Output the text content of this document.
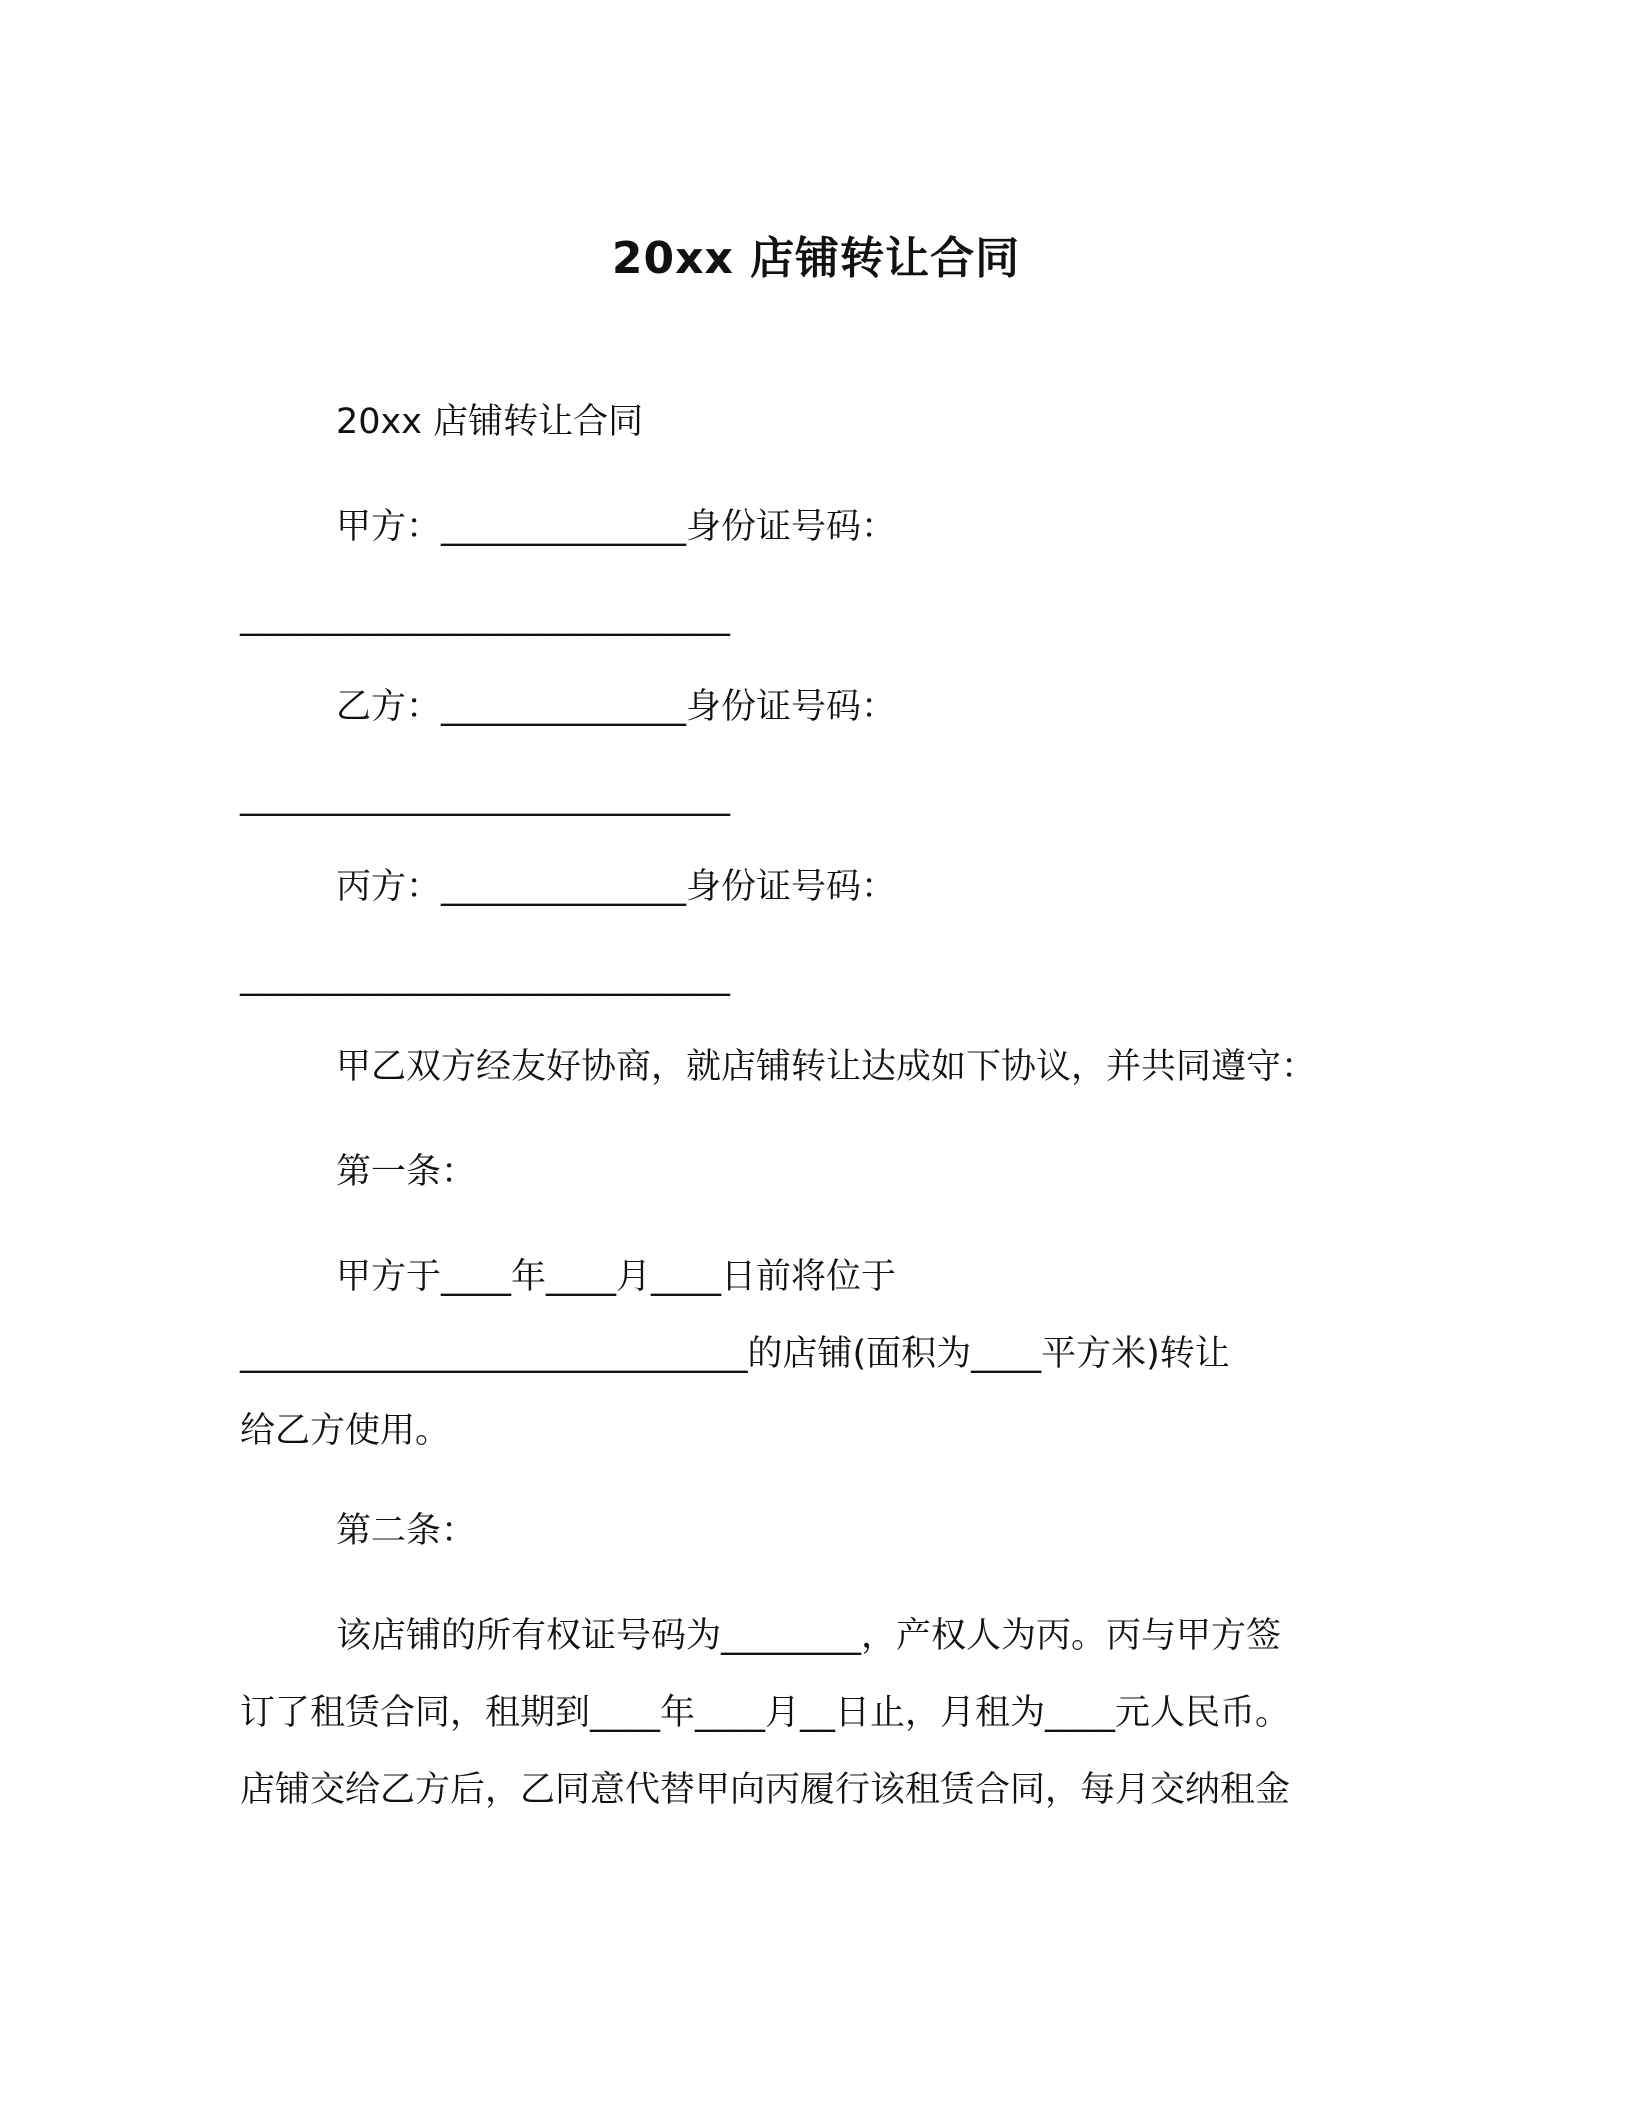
20xx 店铺转让合同
20xx 店铺转让合同
甲方：______________身份证号码：
____________________________
乙方：______________身份证号码：
____________________________
丙方：______________身份证号码：
____________________________
甲乙双方经友好协商，就店铺转让达成如下协议，并共同遵守：
第一条：
甲方于____年____月____日前将位于
_____________________________的店铺(面积为____平方米)转让
给乙方使用。
第二条：
该店铺的所有权证号码为________，产权人为丙。丙与甲方签
订了租赁合同，租期到____年____月__日止，月租为____元人民币。
店铺交给乙方后，乙同意代替甲向丙履行该租赁合同，每月交纳租金
